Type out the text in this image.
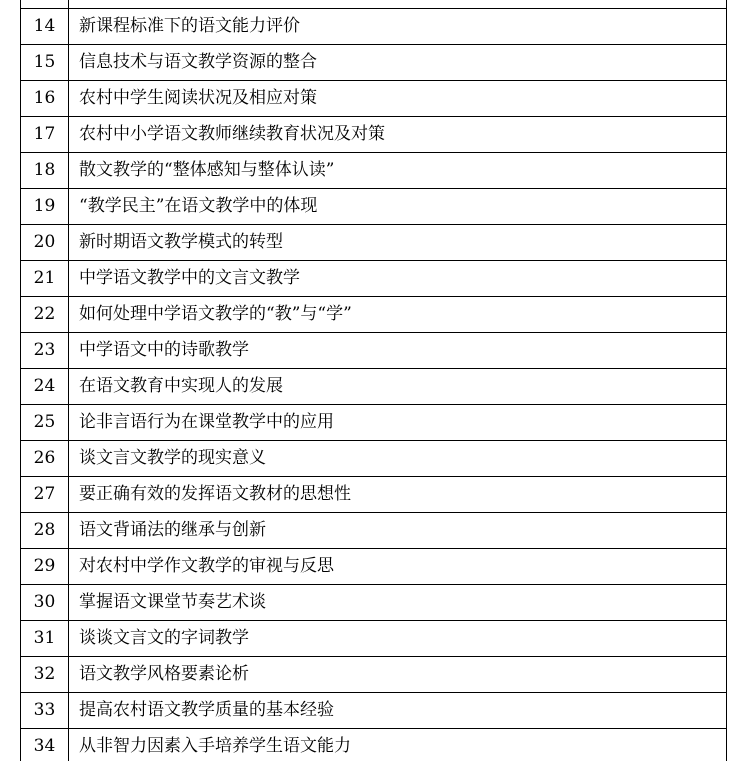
14	新课程标准下的语文能力评价
15	信息技术与语文教学资源的整合
16	农村中学生阅读状况及相应对策
17	农村中小学语文教师继续教育状况及对策
18	散文教学的“整体感知与整体认读”
19	“教学民主”在语文教学中的体现
20	新时期语文教学模式的转型
21	中学语文教学中的文言文教学
22	如何处理中学语文教学的“教”与“学”
23	中学语文中的诗歌教学
24	在语文教育中实现人的发展
25	论非言语行为在课堂教学中的应用
26	谈文言文教学的现实意义
27	要正确有效的发挥语文教材的思想性
28	语文背诵法的继承与创新
29	对农村中学作文教学的审视与反思
30	掌握语文课堂节奏艺术谈
31	谈谈文言文的字词教学
32	语文教学风格要素论析
33	提高农村语文教学质量的基本经验
34	从非智力因素入手培养学生语文能力
